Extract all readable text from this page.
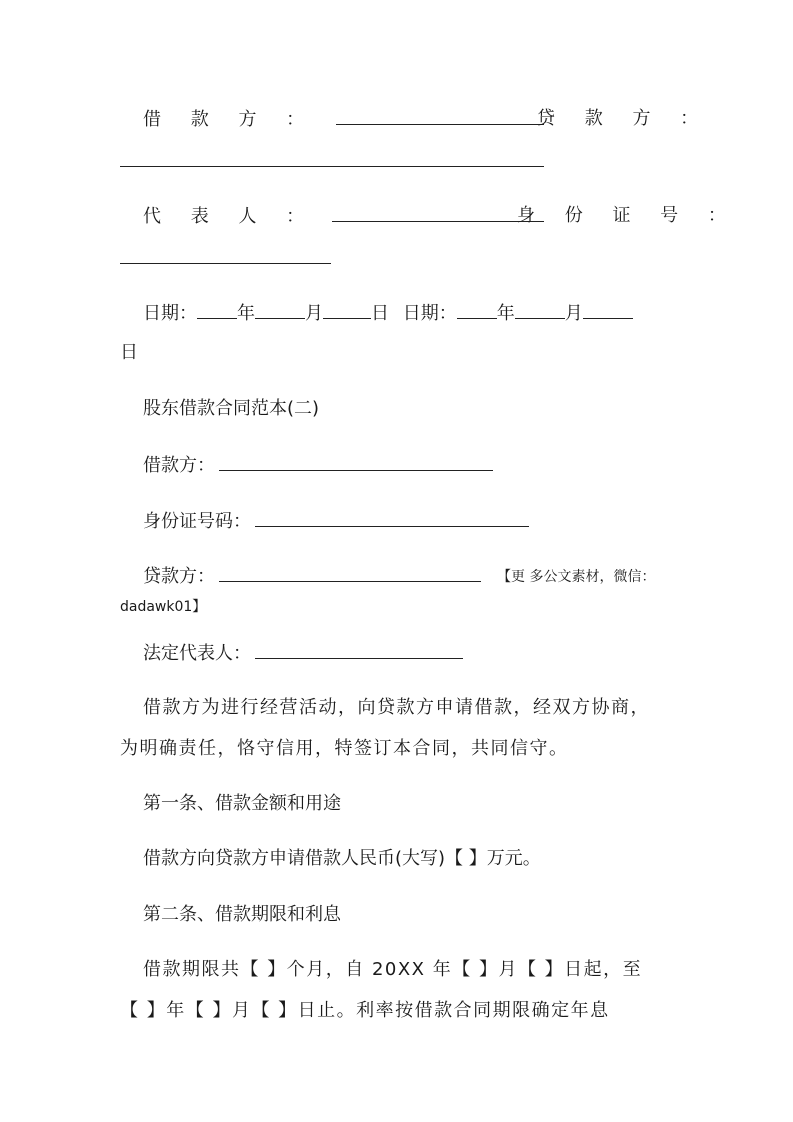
借 款 方 ：	贷 款 方 ：
代 表 人 ：	身 份 证 号 ：
日期： 年	月	日 日期： 年	月
日
股东借款合同范本(二)
借款方：
身份证号码：
贷款方：	【更 多公文素材，微信：
dadawk01】
法定代表人：
借款方为进行经营活动，向贷款方申请借款，经双方协商，
为明确责任，恪守信用，特签订本合同，共同信守。
第一条、借款金额和用途
借款方向贷款方申请借款人民币(大写)【 】万元。
第二条、借款期限和利息
借款期限共【 】个月，自 20XX 年【 】月【 】日起，至
【 】年【 】月【 】日止。利率按借款合同期限确定年息
